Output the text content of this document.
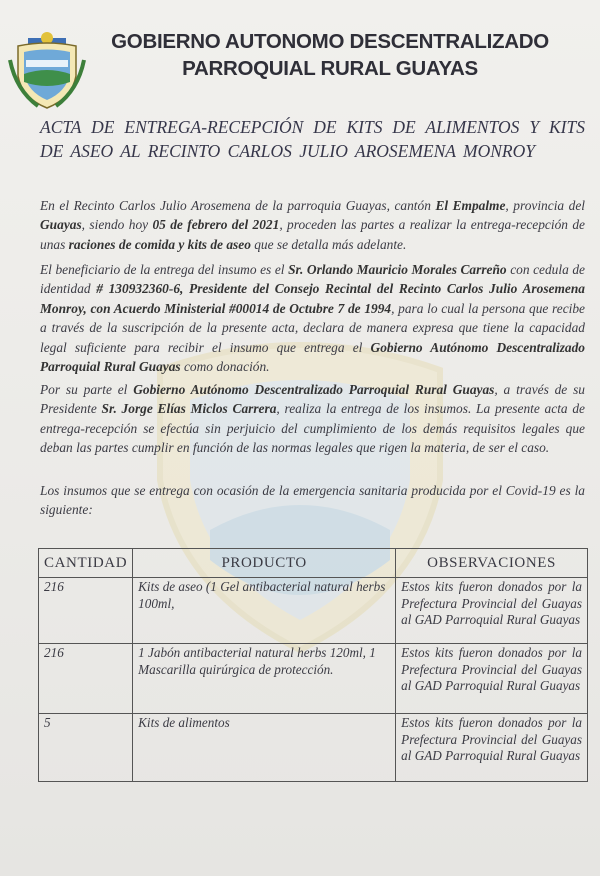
GOBIERNO AUTONOMO DESCENTRALIZADO
PARROQUIAL RURAL GUAYAS
ACTA DE ENTREGA-RECEPCIÓN DE KITS DE ALIMENTOS Y KITS DE ASEO AL RECINTO CARLOS JULIO AROSEMENA MONROY
En el Recinto Carlos Julio Arosemena de la parroquia Guayas, cantón El Empalme, provincia del Guayas, siendo hoy 05 de febrero del 2021, proceden las partes a realizar la entrega-recepción de unas raciones de comida y kits de aseo que se detalla más adelante.
El beneficiario de la entrega del insumo es el Sr. Orlando Mauricio Morales Carreño con cedula de identidad # 130932360-6, Presidente del Consejo Recintal del Recinto Carlos Julio Arosemena Monroy, con Acuerdo Ministerial #00014 de Octubre 7 de 1994, para lo cual la persona que recibe a través de la suscripción de la presente acta, declara de manera expresa que tiene la capacidad legal suficiente para recibir el insumo que entrega el Gobierno Autónomo Descentralizado Parroquial Rural Guayas como donación.
Por su parte el Gobierno Autónomo Descentralizado Parroquial Rural Guayas, a través de su Presidente Sr. Jorge Elías Miclos Carrera, realiza la entrega de los insumos. La presente acta de entrega-recepción se efectúa sin perjuicio del cumplimiento de los demás requisitos legales que deban las partes cumplir en función de las normas legales que rigen la materia, de ser el caso.
Los insumos que se entrega con ocasión de la emergencia sanitaria producida por el Covid-19 es la siguiente:
CANTIDAD	PRODUCTO	OBSERVACIONES
216	Kits de aseo (1 Gel antibacterial natural herbs 100ml,	Estos kits fueron donados por la Prefectura Provincial del Guayas al GAD Parroquial Rural Guayas
216	1 Jabón antibacterial natural herbs 120ml, 1 Mascarilla quirúrgica de protección.	Estos kits fueron donados por la Prefectura Provincial del Guayas al GAD Parroquial Rural Guayas
5	Kits de alimentos	Estos kits fueron donados por la Prefectura Provincial del Guayas al GAD Parroquial Rural Guayas
